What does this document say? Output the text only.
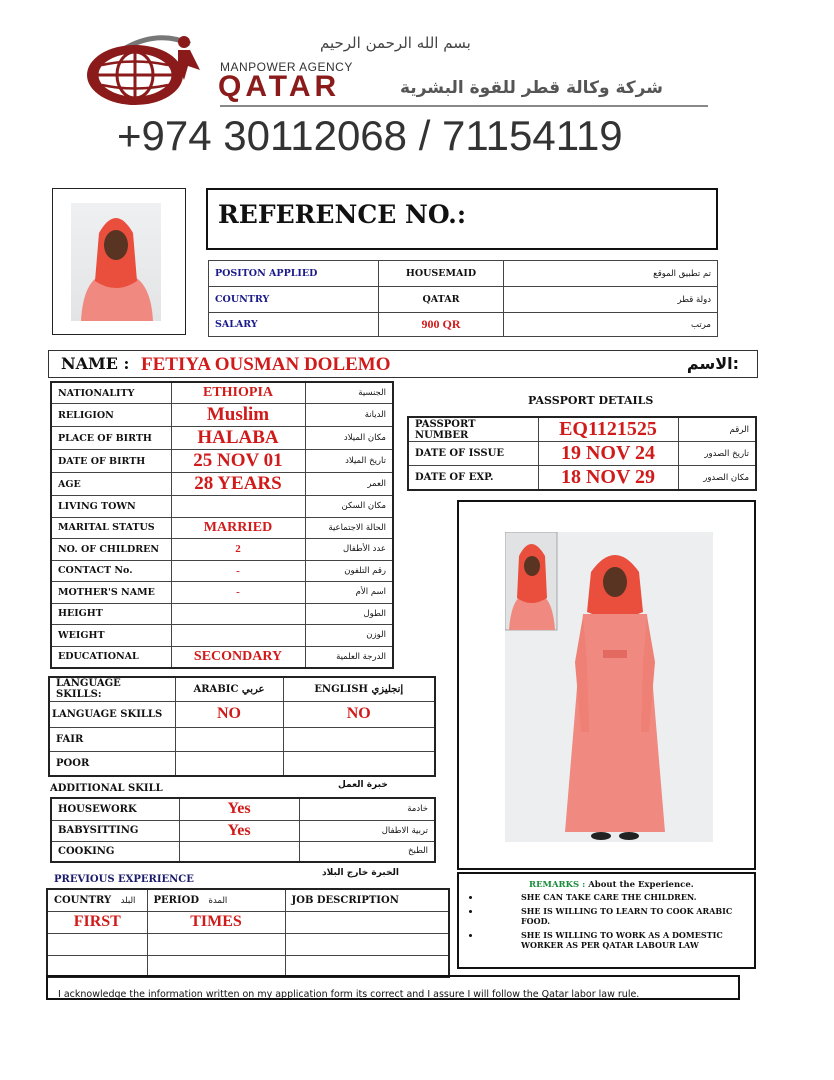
بسم الله الرحمن الرحيم
MANPOWER AGENCY
QATAR	شركة وكالة قطر للقوة البشرية
+974 30112068 / 71154119
REFERENCE NO.:
POSITON APPLIED	HOUSEMAID	تم تطبيق الموقع
COUNTRY	QATAR	دولة قطر
SALARY	900 QR	مرتب
NAME : FETIYA OUSMAN DOLEMO	الاسم:
NATIONALITY	ETHIOPIA	الجنسية
RELIGION	Muslim	الديانة
PLACE OF BIRTH	HALABA	مكان الميلاد
DATE OF BIRTH	25 NOV 01	تاريخ الميلاد
AGE	28 YEARS	العمر
LIVING TOWN		مكان السكن
MARITAL STATUS	MARRIED	الحالة الاجتماعية
NO. OF CHILDREN	2	عدد الأطفال
CONTACT No.	-	رقم التلفون
MOTHER'S NAME	-	اسم الأم
HEIGHT		الطول
WEIGHT		الوزن
EDUCATIONAL	SECONDARY	الدرجة العلمية
PASSPORT DETAILS
PASSPORT NUMBER	EQ1121525	الرقم
DATE OF ISSUE	19 NOV 24	تاريخ الصدور
DATE OF EXP.	18 NOV 29	مكان الصدور
LANGUAGE SKILLS:	ARABIC عربي	ENGLISH إنجليزي
LANGUAGE SKILLS	NO	NO
FAIR		
POOR		
ADDITIONAL SKILL	خبرة العمل
HOUSEWORK	Yes	خادمة
BABYSITTING	Yes	تربية الاطفال
COOKING		الطبخ
PREVIOUS EXPERIENCE
الخبرة خارج البلاد
COUNTRY البلد	PERIOD المدة	JOB DESCRIPTION
FIRST	TIMES	

REMARKS : About the Experience.
• SHE CAN TAKE CARE THE CHILDREN.
• SHE IS WILLING TO LEARN TO COOK ARABIC FOOD.
• SHE IS WILLING TO WORK AS A DOMESTIC WORKER AS PER QATAR LABOUR LAW
I acknowledge the information written on my application form its correct and I assure I will follow the Qatar labor law rule.
